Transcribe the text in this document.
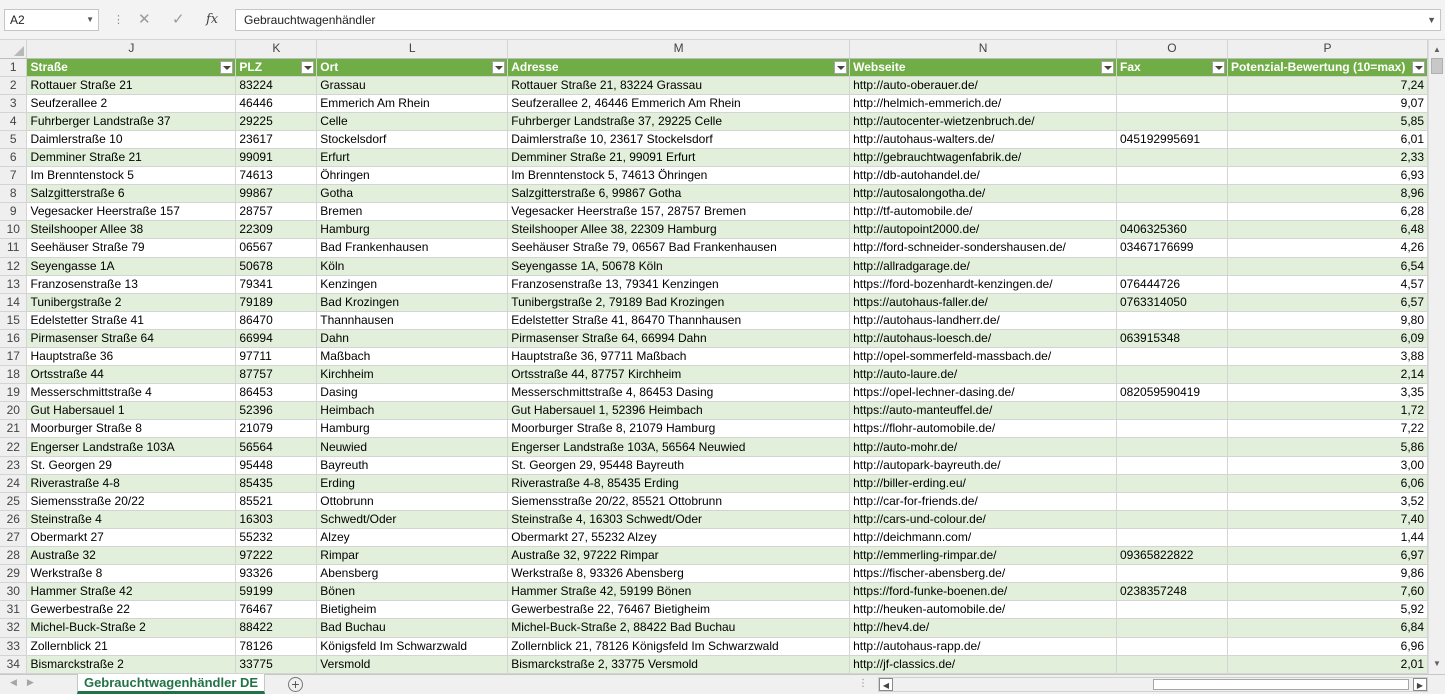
A2	▼ ⋮ ✕ ✓ fx	Gebrauchtwagenhändler	▼
	J	K	L	M	N	O	P
1	Straße	PLZ	Ort	Adresse	Webseite	Fax	Potenzial-Bewertung (10=max)

2	Rottauer Straße 21	83224	Grassau	Rottauer Straße 21, 83224 Grassau	http://auto-oberauer.de/		7,24
3	Seufzerallee 2	46446	Emmerich Am Rhein	Seufzerallee 2, 46446 Emmerich Am Rhein	http://helmich-emmerich.de/		9,07
4	Fuhrberger Landstraße 37	29225	Celle	Fuhrberger Landstraße 37, 29225 Celle	http://autocenter-wietzenbruch.de/		5,85
5	Daimlerstraße 10	23617	Stockelsdorf	Daimlerstraße 10, 23617 Stockelsdorf	http://autohaus-walters.de/	045192995691	6,01
6	Demminer Straße 21	99091	Erfurt	Demminer Straße 21, 99091 Erfurt	http://gebrauchtwagenfabrik.de/		2,33
7	Im Brenntenstock 5	74613	Öhringen	Im Brenntenstock 5, 74613 Öhringen	http://db-autohandel.de/		6,93
8	Salzgitterstraße 6	99867	Gotha	Salzgitterstraße 6, 99867 Gotha	http://autosalongotha.de/		8,96
9	Vegesacker Heerstraße 157	28757	Bremen	Vegesacker Heerstraße 157, 28757 Bremen	http://tf-automobile.de/		6,28
10	Steilshooper Allee 38	22309	Hamburg	Steilshooper Allee 38, 22309 Hamburg	http://autopoint2000.de/	0406325360	6,48
11	Seehäuser Straße 79	06567	Bad Frankenhausen	Seehäuser Straße 79, 06567 Bad Frankenhausen	http://ford-schneider-sondershausen.de/	03467176699	4,26
12	Seyengasse 1A	50678	Köln	Seyengasse 1A, 50678 Köln	http://allradgarage.de/		6,54
13	Franzosenstraße 13	79341	Kenzingen	Franzosenstraße 13, 79341 Kenzingen	https://ford-bozenhardt-kenzingen.de/	076444726	4,57
14	Tunibergstraße 2	79189	Bad Krozingen	Tunibergstraße 2, 79189 Bad Krozingen	https://autohaus-faller.de/	0763314050	6,57
15	Edelstetter Straße 41	86470	Thannhausen	Edelstetter Straße 41, 86470 Thannhausen	http://autohaus-landherr.de/		9,80
16	Pirmasenser Straße 64	66994	Dahn	Pirmasenser Straße 64, 66994 Dahn	http://autohaus-loesch.de/	063915348	6,09
17	Hauptstraße 36	97711	Maßbach	Hauptstraße 36, 97711 Maßbach	http://opel-sommerfeld-massbach.de/		3,88
18	Ortsstraße 44	87757	Kirchheim	Ortsstraße 44, 87757 Kirchheim	http://auto-laure.de/		2,14
19	Messerschmittstraße 4	86453	Dasing	Messerschmittstraße 4, 86453 Dasing	https://opel-lechner-dasing.de/	082059590419	3,35
20	Gut Habersauel 1	52396	Heimbach	Gut Habersauel 1, 52396 Heimbach	https://auto-manteuffel.de/		1,72
21	Moorburger Straße 8	21079	Hamburg	Moorburger Straße 8, 21079 Hamburg	https://flohr-automobile.de/		7,22
22	Engerser Landstraße 103A	56564	Neuwied	Engerser Landstraße 103A, 56564 Neuwied	http://auto-mohr.de/		5,86
23	St. Georgen 29	95448	Bayreuth	St. Georgen 29, 95448 Bayreuth	http://autopark-bayreuth.de/		3,00
24	Riverastraße 4-8	85435	Erding	Riverastraße 4-8, 85435 Erding	http://biller-erding.eu/		6,06
25	Siemensstraße 20/22	85521	Ottobrunn	Siemensstraße 20/22, 85521 Ottobrunn	http://car-for-friends.de/		3,52
26	Steinstraße 4	16303	Schwedt/Oder	Steinstraße 4, 16303 Schwedt/Oder	http://cars-und-colour.de/		7,40
27	Obermarkt 27	55232	Alzey	Obermarkt 27, 55232 Alzey	http://deichmann.com/		1,44
28	Austraße 32	97222	Rimpar	Austraße 32, 97222 Rimpar	http://emmerling-rimpar.de/	09365822822	6,97
29	Werkstraße 8	93326	Abensberg	Werkstraße 8, 93326 Abensberg	https://fischer-abensberg.de/		9,86
30	Hammer Straße 42	59199	Bönen	Hammer Straße 42, 59199 Bönen	https://ford-funke-boenen.de/	0238357248	7,60
31	Gewerbestraße 22	76467	Bietigheim	Gewerbestraße 22, 76467 Bietigheim	http://heuken-automobile.de/		5,92
32	Michel-Buck-Straße 2	88422	Bad Buchau	Michel-Buck-Straße 2, 88422 Bad Buchau	http://hev4.de/		6,84
33	Zollernblick 21	78126	Königsfeld Im Schwarzwald	Zollernblick 21, 78126 Königsfeld Im Schwarzwald	http://autohaus-rapp.de/		6,96
34	Bismarckstraße 2	33775	Versmold	Bismarckstraße 2, 33775 Versmold	http://jf-classics.de/		2,01
▲
▼
◀▶	Gebrauchtwagenhändler DE	+	⋮	◀	▶
